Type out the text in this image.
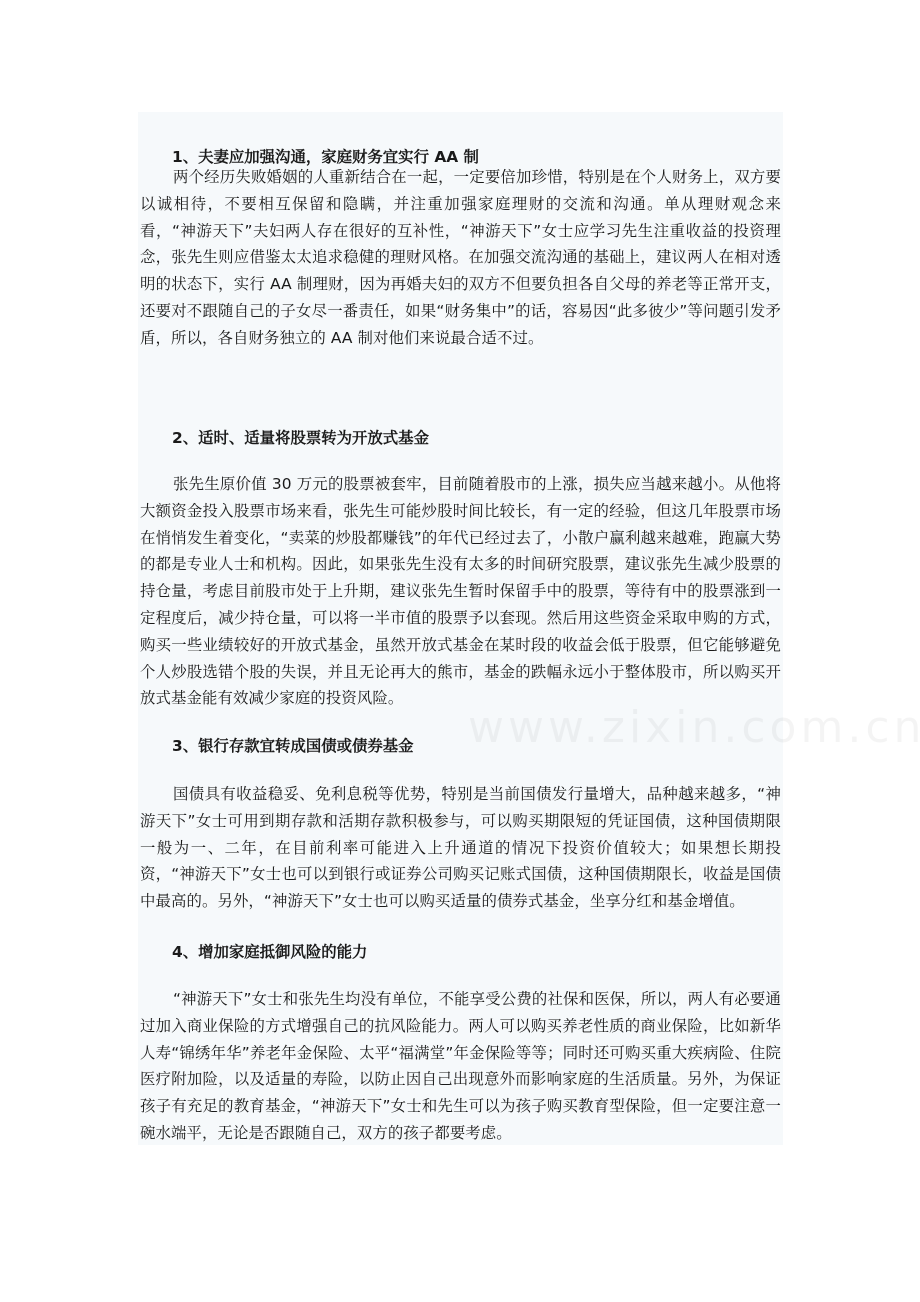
1、夫妻应加强沟通，家庭财务宜实行 AA 制
两个经历失败婚姻的人重新结合在一起，一定要倍加珍惜，特别是在个人财务上，双方要以诚相待，不要相互保留和隐瞒，并注重加强家庭理财的交流和沟通。单从理财观念来看，“神游天下”夫妇两人存在很好的互补性，“神游天下”女士应学习先生注重收益的投资理念，张先生则应借鉴太太追求稳健的理财风格。在加强交流沟通的基础上，建议两人在相对透明的状态下，实行 AA 制理财，因为再婚夫妇的双方不但要负担各自父母的养老等正常开支，还要对不跟随自己的子女尽一番责任，如果“财务集中”的话，容易因“此多彼少”等问题引发矛盾，所以，各自财务独立的 AA 制对他们来说最合适不过。
2、适时、适量将股票转为开放式基金
张先生原价值 30 万元的股票被套牢，目前随着股市的上涨，损失应当越来越小。从他将大额资金投入股票市场来看，张先生可能炒股时间比较长，有一定的经验，但这几年股票市场在悄悄发生着变化，“卖菜的炒股都赚钱”的年代已经过去了，小散户赢利越来越难，跑赢大势的都是专业人士和机构。因此，如果张先生没有太多的时间研究股票，建议张先生减少股票的持仓量，考虑目前股市处于上升期，建议张先生暂时保留手中的股票，等待有中的股票涨到一定程度后，减少持仓量，可以将一半市值的股票予以套现。然后用这些资金采取申购的方式，购买一些业绩较好的开放式基金，虽然开放式基金在某时段的收益会低于股票，但它能够避免个人炒股选错个股的失误，并且无论再大的熊市，基金的跌幅永远小于整体股市，所以购买开放式基金能有效减少家庭的投资风险。
3、银行存款宜转成国债或债券基金
国债具有收益稳妥、免利息税等优势，特别是当前国债发行量增大，品种越来越多，“神游天下”女士可用到期存款和活期存款积极参与，可以购买期限短的凭证国债，这种国债期限一般为一、二年，在目前利率可能进入上升通道的情况下投资价值较大；如果想长期投资，“神游天下”女士也可以到银行或证券公司购买记账式国债，这种国债期限长，收益是国债中最高的。另外，“神游天下”女士也可以购买适量的债券式基金，坐享分红和基金增值。
4、增加家庭抵御风险的能力
“神游天下”女士和张先生均没有单位，不能享受公费的社保和医保，所以，两人有必要通过加入商业保险的方式增强自己的抗风险能力。两人可以购买养老性质的商业保险，比如新华人寿“锦绣年华”养老年金保险、太平“福满堂”年金保险等等；同时还可购买重大疾病险、住院医疗附加险，以及适量的寿险，以防止因自己出现意外而影响家庭的生活质量。另外，为保证孩子有充足的教育基金，“神游天下”女士和先生可以为孩子购买教育型保险，但一定要注意一碗水端平，无论是否跟随自己，双方的孩子都要考虑。
